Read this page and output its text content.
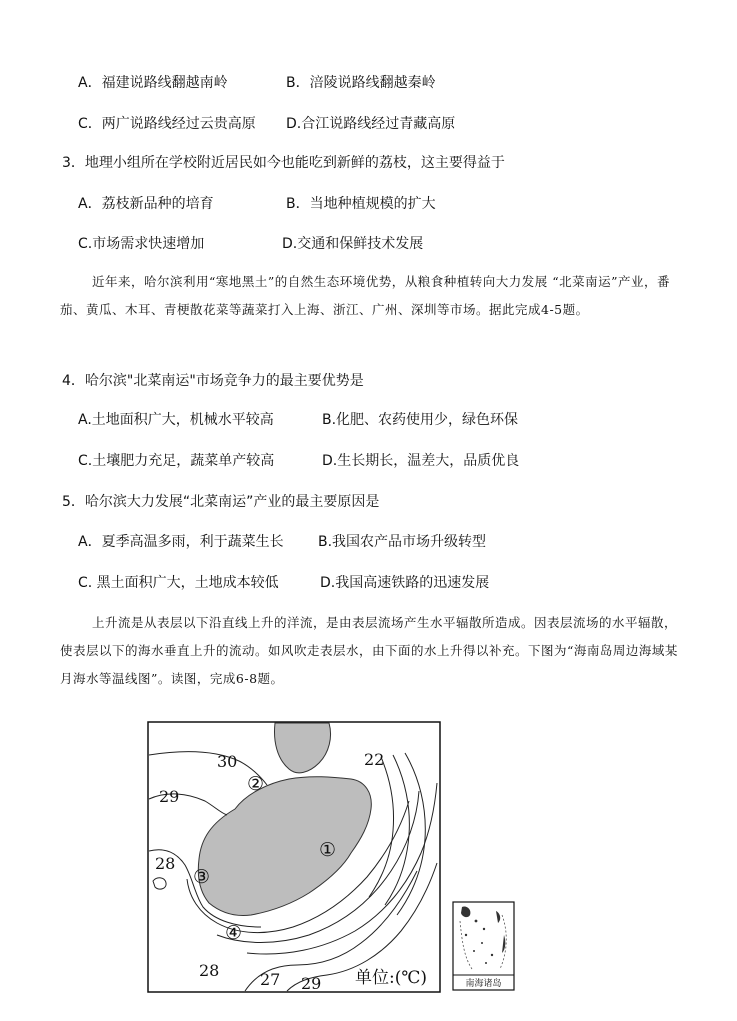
A．福建说路线翻越南岭	B．涪陵说路线翻越秦岭
C．两广说路线经过云贵高原 D.合江说路线经过青藏高原
3．地理小组所在学校附近居民如今也能吃到新鲜的荔枝，这主要得益于
A．荔枝新品种的培育	B．当地种植规模的扩大
C.市场需求快速增加	D.交通和保鲜技术发展
近年来，哈尔滨利用“寒地黑土”的自然生态环境优势，从粮食种植转向大力发展 “北菜南运”产业，番茄、黄瓜、木耳、青梗散花菜等蔬菜打入上海、浙江、广州、深圳等市场。据此完成4-5题。
4．哈尔滨"北菜南运"市场竞争力的最主要优势是
A.土地面积广大，机械水平较高	B.化肥、农药使用少，绿色环保
C.土壤肥力充足，蔬菜单产较高	D.生长期长，温差大，品质优良
5．哈尔滨大力发展“北菜南运”产业的最主要原因是
A．夏季高温多雨，利于蔬菜生长 B.我国农产品市场升级转型
C. 黑土面积广大，土地成本较低	D.我国高速铁路的迅速发展
上升流是从表层以下沿直线上升的洋流，是由表层流场产生水平辐散所造成。因表层流场的水平辐散，使表层以下的海水垂直上升的流动。如风吹走表层水，由下面的水上升得以补充。下图为“海南岛周边海域某月海水等温线图”。读图，完成6-8题。
30	22
29
28
28	27 29
②
①
③
④
单位:(℃)	南海诸岛
